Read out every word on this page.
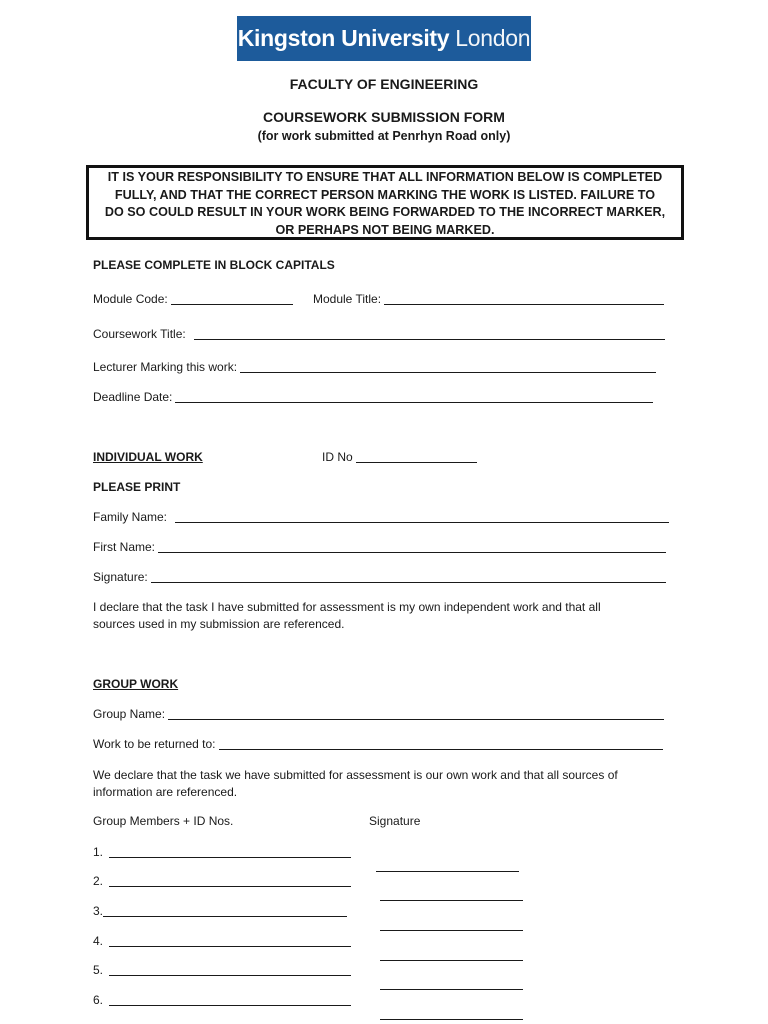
Kingston University London
FACULTY OF ENGINEERING
COURSEWORK SUBMISSION FORM
(for work submitted at Penrhyn Road only)
IT IS YOUR RESPONSIBILITY TO ENSURE THAT ALL INFORMATION BELOW IS COMPLETED
FULLY, AND THAT THE CORRECT PERSON MARKING THE WORK IS LISTED. FAILURE TO
DO SO COULD RESULT IN YOUR WORK BEING FORWARDED TO THE INCORRECT MARKER,
OR PERHAPS NOT BEING MARKED.
PLEASE COMPLETE IN BLOCK CAPITALS
Module Code:	Module Title:
Coursework Title:
Lecturer Marking this work:
Deadline Date:
INDIVIDUAL WORK	ID No
PLEASE PRINT
Family Name:
First Name:
Signature:
I declare that the task I have submitted for assessment is my own independent work and that all
sources used in my submission are referenced.
GROUP WORK
Group Name:
Work to be returned to:
We declare that the task we have submitted for assessment is our own work and that all sources of
information are referenced.
Group Members + ID Nos.	Signature
1.
2.
3.
4.
5.
6.
